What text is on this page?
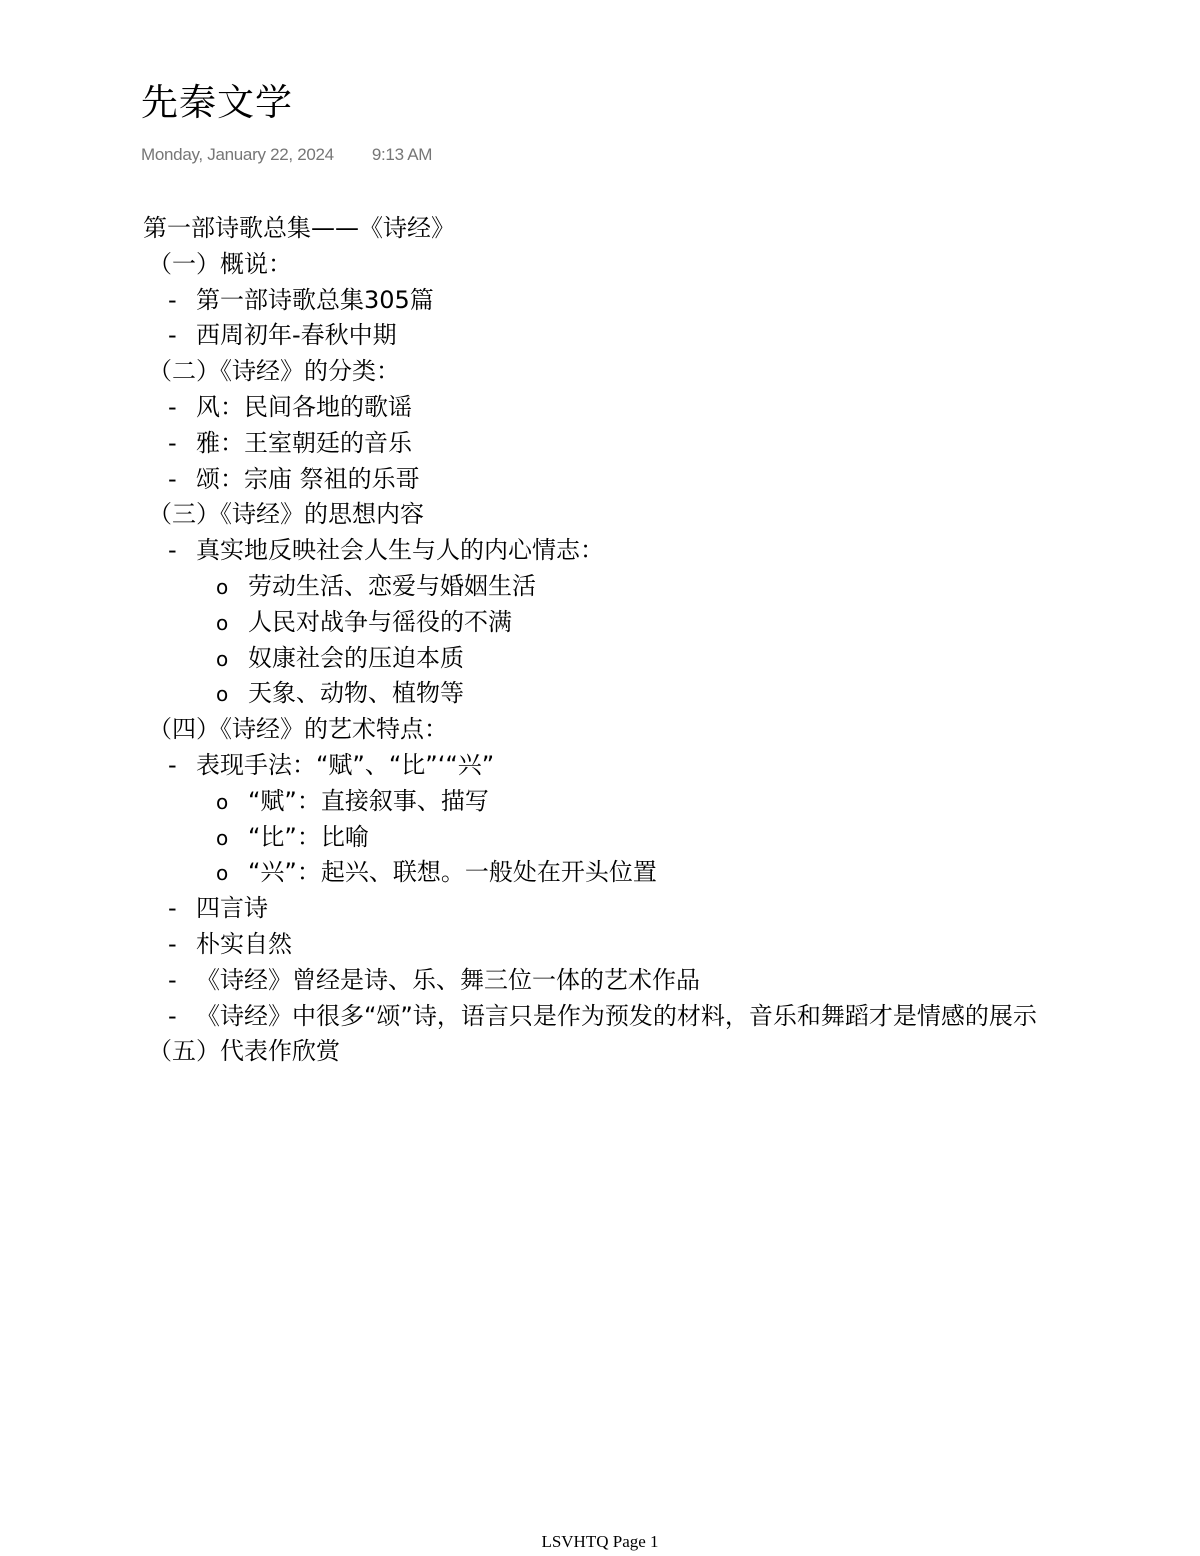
先秦文学
Monday, January 22, 2024 9:13 AM
第一部诗歌总集——《诗经》
（一）概说：
- 第一部诗歌总集305篇
- 西周初年-春秋中期
（二）《诗经》的分类：
- 风：民间各地的歌谣
- 雅：王室朝廷的音乐
- 颂：宗庙 祭祖的乐哥
（三）《诗经》的思想内容
- 真实地反映社会人生与人的内心情志：
o 劳动生活、恋爱与婚姻生活
o 人民对战争与徭役的不满
o 奴康社会的压迫本质
o 天象、动物、植物等
（四）《诗经》的艺术特点：
- 表现手法：“赋”、“比”‘“兴”
o “赋”：直接叙事、描写
o “比”：比喻
o “兴”：起兴、联想。一般处在开头位置
- 四言诗
- 朴实自然
- 《诗经》曾经是诗、乐、舞三位一体的艺术作品
- 《诗经》中很多“颂”诗，语言只是作为预发的材料，音乐和舞蹈才是情感的展示
（五）代表作欣赏
LSVHTQ Page 1
